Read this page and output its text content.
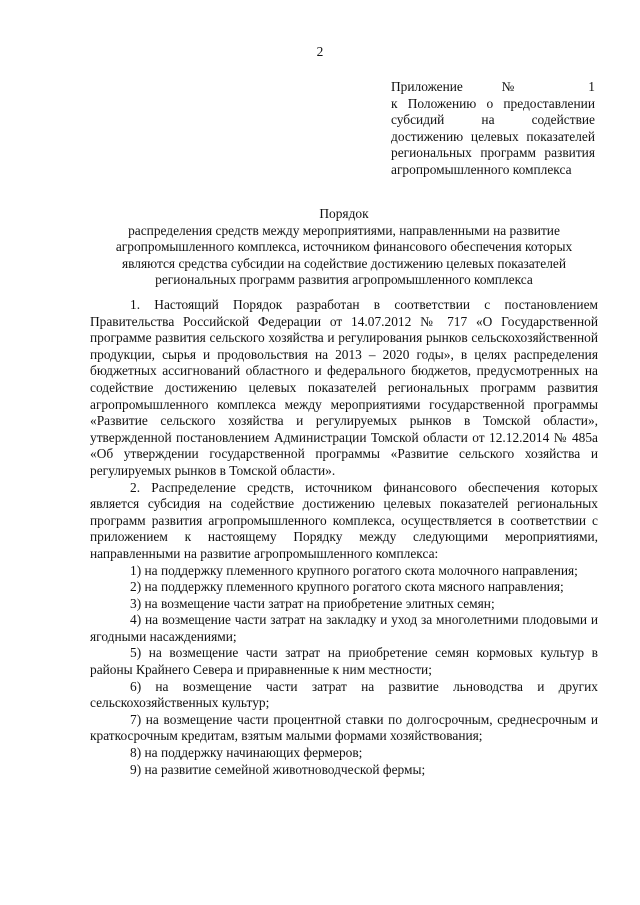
2
Приложение № 1
к Положению о предоставлении
субсидий на содействие
достижению целевых показателей
региональных программ развития
агропромышленного комплекса
Порядок
распределения средств между мероприятиями, направленными на развитие агропромышленного комплекса, источником финансового обеспечения которых являются средства субсидии на содействие достижению целевых показателей региональных программ развития агропромышленного комплекса

1. Настоящий Порядок разработан в соответствии с постановлением Правительства Российской Федерации от 14.07.2012 № 717 «О Государственной программе развития сельского хозяйства и регулирования рынков сельскохозяйственной продукции, сырья и продовольствия на 2013 – 2020 годы», в целях распределения бюджетных ассигнований областного и федерального бюджетов, предусмотренных на содействие достижению целевых показателей региональных программ развития агропромышленного комплекса между мероприятиями государственной программы «Развитие сельского хозяйства и регулируемых рынков в Томской области», утвержденной постановлением Администрации Томской области от 12.12.2014 № 485а «Об утверждении государственной программы «Развитие сельского хозяйства и регулируемых рынков в Томской области».

2. Распределение средств, источником финансового обеспечения которых является субсидия на содействие достижению целевых показателей региональных программ развития агропромышленного комплекса, осуществляется в соответствии с приложением к настоящему Порядку между следующими мероприятиями, направленными на развитие агропромышленного комплекса:

1) на поддержку племенного крупного рогатого скота молочного направления;

2) на поддержку племенного крупного рогатого скота мясного направления;

3) на возмещение части затрат на приобретение элитных семян;

4) на возмещение части затрат на закладку и уход за многолетними плодовыми и ягодными насаждениями;

5) на возмещение части затрат на приобретение семян кормовых культур в районы Крайнего Севера и приравненные к ним местности;

6) на возмещение части затрат на развитие льноводства и других сельскохозяйственных культур;

7) на возмещение части процентной ставки по долгосрочным, среднесрочным и краткосрочным кредитам, взятым малыми формами хозяйствования;

8) на поддержку начинающих фермеров;

9) на развитие семейной животноводческой фермы;
